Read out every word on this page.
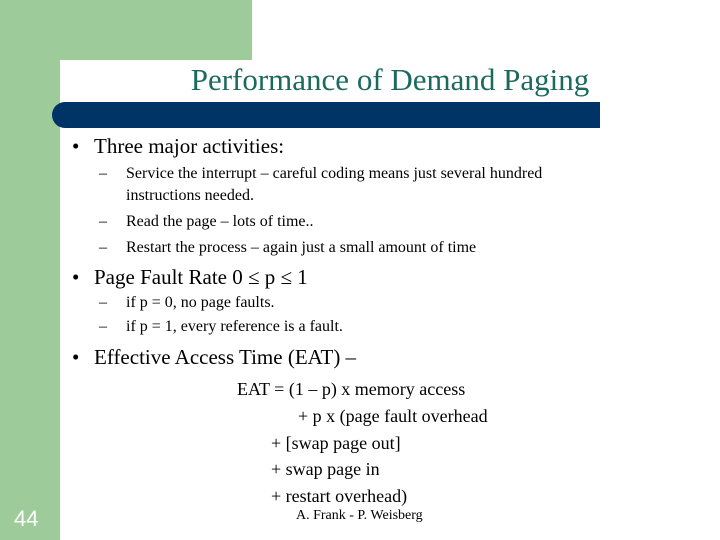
Performance of Demand Paging
• Three major activities:
– Service the interrupt – careful coding means just several hundred
instructions needed.
– Read the page – lots of time..
– Restart the process – again just a small amount of time
• Page Fault Rate 0 ≤ p ≤ 1
– if p = 0, no page faults.
– if p = 1, every reference is a fault.
• Effective Access Time (EAT) –
EAT = (1 – p) x memory access
+ p x (page fault overhead
+ [swap page out]
+ swap page in
+ restart overhead)
44	A. Frank - P. Weisberg
